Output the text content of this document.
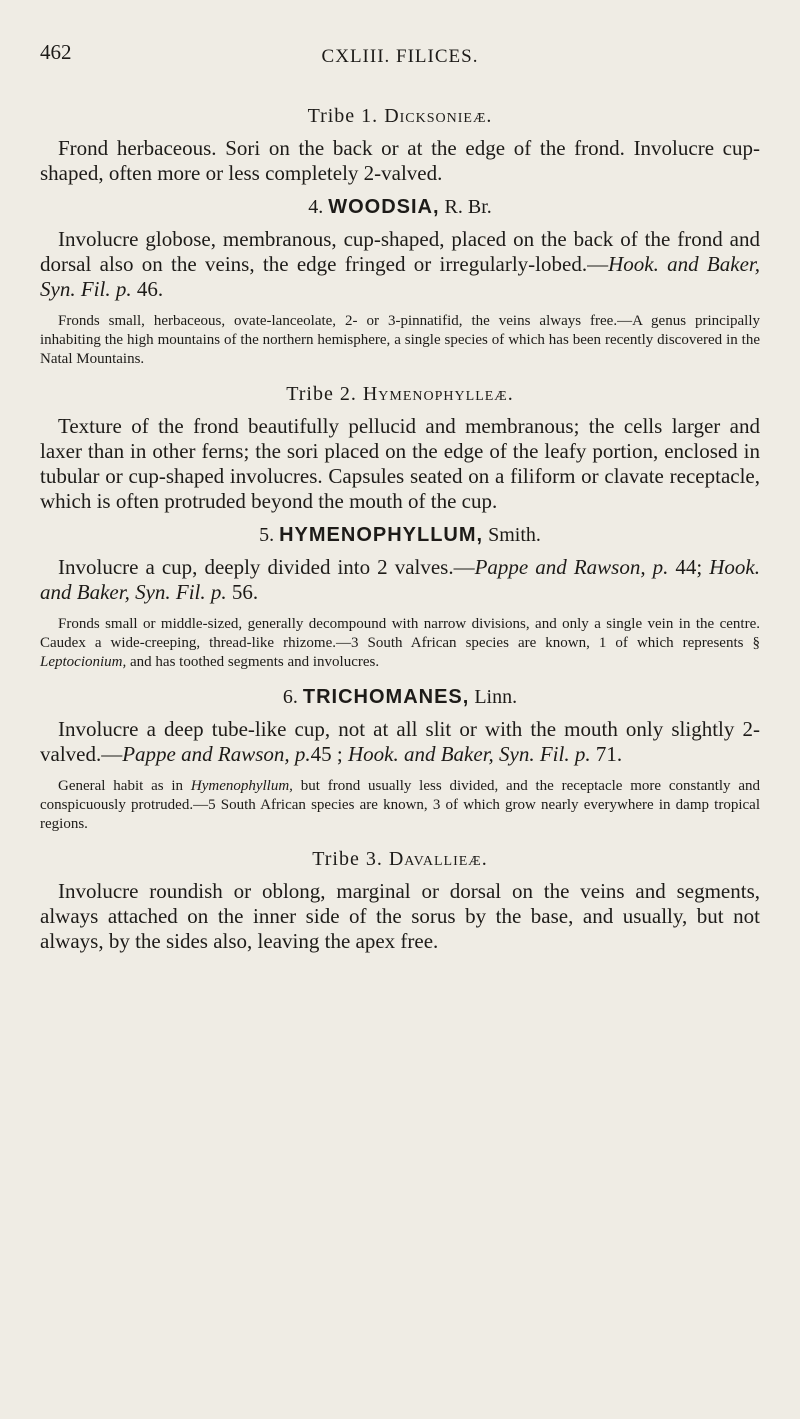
462	CXLIII. FILICES.
Tribe 1. Dicksonieæ.

Frond herbaceous. Sori on the back or at the edge of the frond. Involucre cup-shaped, often more or less completely 2-valved.

4. WOODSIA, R. Br.

Involucre globose, membranous, cup-shaped, placed on the back of the frond and dorsal also on the veins, the edge fringed or irregularly-lobed.—Hook. and Baker, Syn. Fil. p. 46.

Fronds small, herbaceous, ovate-lanceolate, 2- or 3-pinnatifid, the veins always free.—A genus principally inhabiting the high mountains of the northern hemisphere, a single species of which has been recently discovered in the Natal Mountains.

Tribe 2. Hymenophylleæ.

Texture of the frond beautifully pellucid and membranous; the cells larger and laxer than in other ferns; the sori placed on the edge of the leafy portion, enclosed in tubular or cup-shaped involucres. Capsules seated on a filiform or clavate receptacle, which is often protruded beyond the mouth of the cup.

5. HYMENOPHYLLUM, Smith.

Involucre a cup, deeply divided into 2 valves.—Pappe and Rawson, p. 44; Hook. and Baker, Syn. Fil. p. 56.

Fronds small or middle-sized, generally decompound with narrow divisions, and only a single vein in the centre. Caudex a wide-creeping, thread-like rhizome.—3 South African species are known, 1 of which represents § Leptocionium, and has toothed segments and involucres.

6. TRICHOMANES, Linn.

Involucre a deep tube-like cup, not at all slit or with the mouth only slightly 2-valved.—Pappe and Rawson, p.45 ; Hook. and Baker, Syn. Fil. p. 71.

General habit as in Hymenophyllum, but frond usually less divided, and the receptacle more constantly and conspicuously protruded.—5 South African species are known, 3 of which grow nearly everywhere in damp tropical regions.

Tribe 3. Davallieæ.

Involucre roundish or oblong, marginal or dorsal on the veins and segments, always attached on the inner side of the sorus by the base, and usually, but not always, by the sides also, leaving the apex free.
